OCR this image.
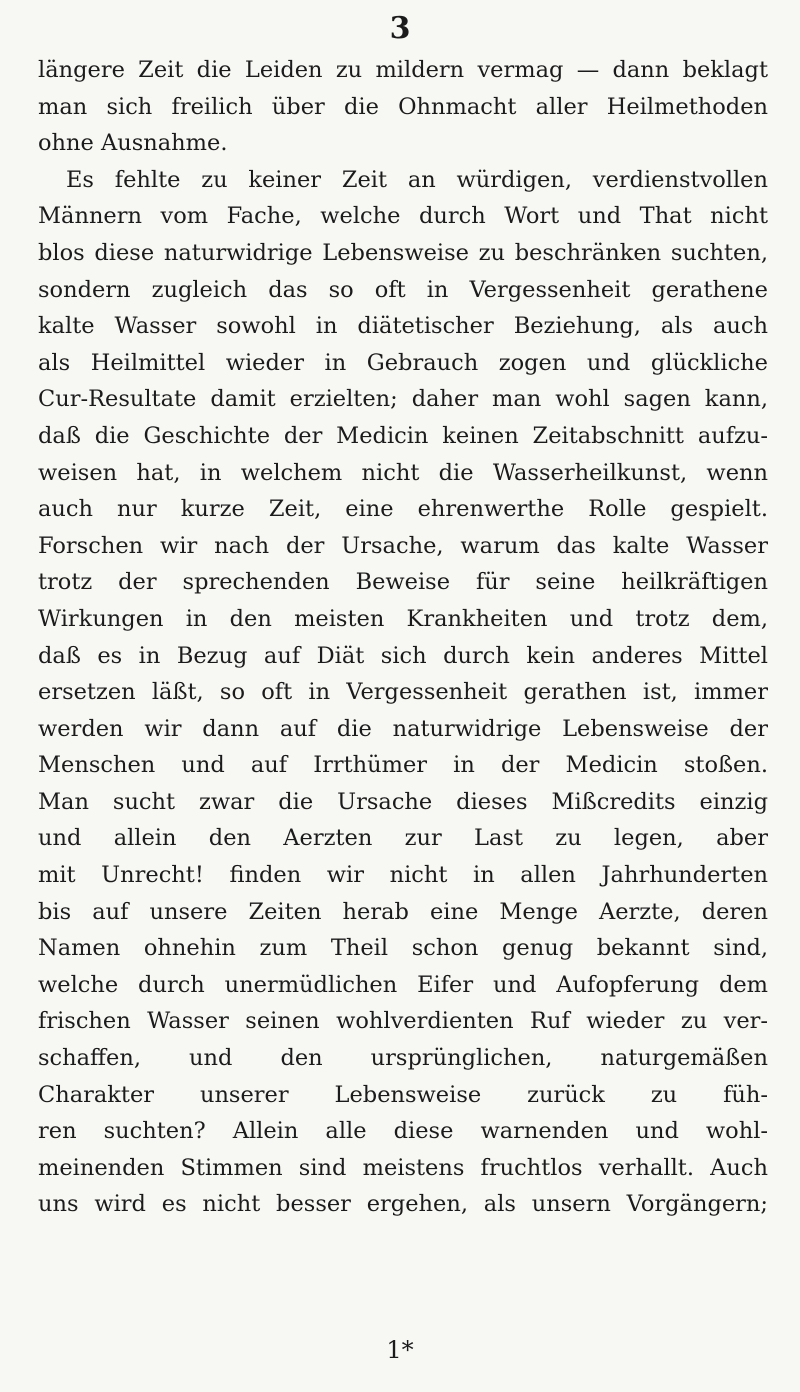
3
längere Zeit die Leiden zu mildern vermag — dann beklagt
man sich freilich über die Ohnmacht aller Heilmethoden
ohne Ausnahme.
Es fehlte zu keiner Zeit an würdigen, verdienstvollen
Männern vom Fache, welche durch Wort und That nicht
blos diese naturwidrige Lebensweise zu beschränken suchten,
sondern zugleich das so oft in Vergessenheit gerathene
kalte Wasser sowohl in diätetischer Beziehung, als auch
als Heilmittel wieder in Gebrauch zogen und glückliche
Cur-Resultate damit erzielten; daher man wohl sagen kann,
daß die Geschichte der Medicin keinen Zeitabschnitt aufzu-
weisen hat, in welchem nicht die Wasserheilkunst, wenn
auch nur kurze Zeit, eine ehrenwerthe Rolle gespielt.
Forschen wir nach der Ursache, warum das kalte Wasser
trotz der sprechenden Beweise für seine heilkräftigen
Wirkungen in den meisten Krankheiten und trotz dem,
daß es in Bezug auf Diät sich durch kein anderes Mittel
ersetzen läßt, so oft in Vergessenheit gerathen ist, immer
werden wir dann auf die naturwidrige Lebensweise der
Menschen und auf Irrthümer in der Medicin stoßen.
Man sucht zwar die Ursache dieses Mißcredits einzig
und allein den Aerzten zur Last zu legen, aber
mit Unrecht! finden wir nicht in allen Jahrhunderten
bis auf unsere Zeiten herab eine Menge Aerzte, deren
Namen ohnehin zum Theil schon genug bekannt sind,
welche durch unermüdlichen Eifer und Aufopferung dem
frischen Wasser seinen wohlverdienten Ruf wieder zu ver-
schaffen, und den ursprünglichen, naturgemäßen
Charakter unserer Lebensweise zurück zu füh-
ren suchten? Allein alle diese warnenden und wohl-
meinenden Stimmen sind meistens fruchtlos verhallt. Auch
uns wird es nicht besser ergehen, als unsern Vorgängern;
1*
